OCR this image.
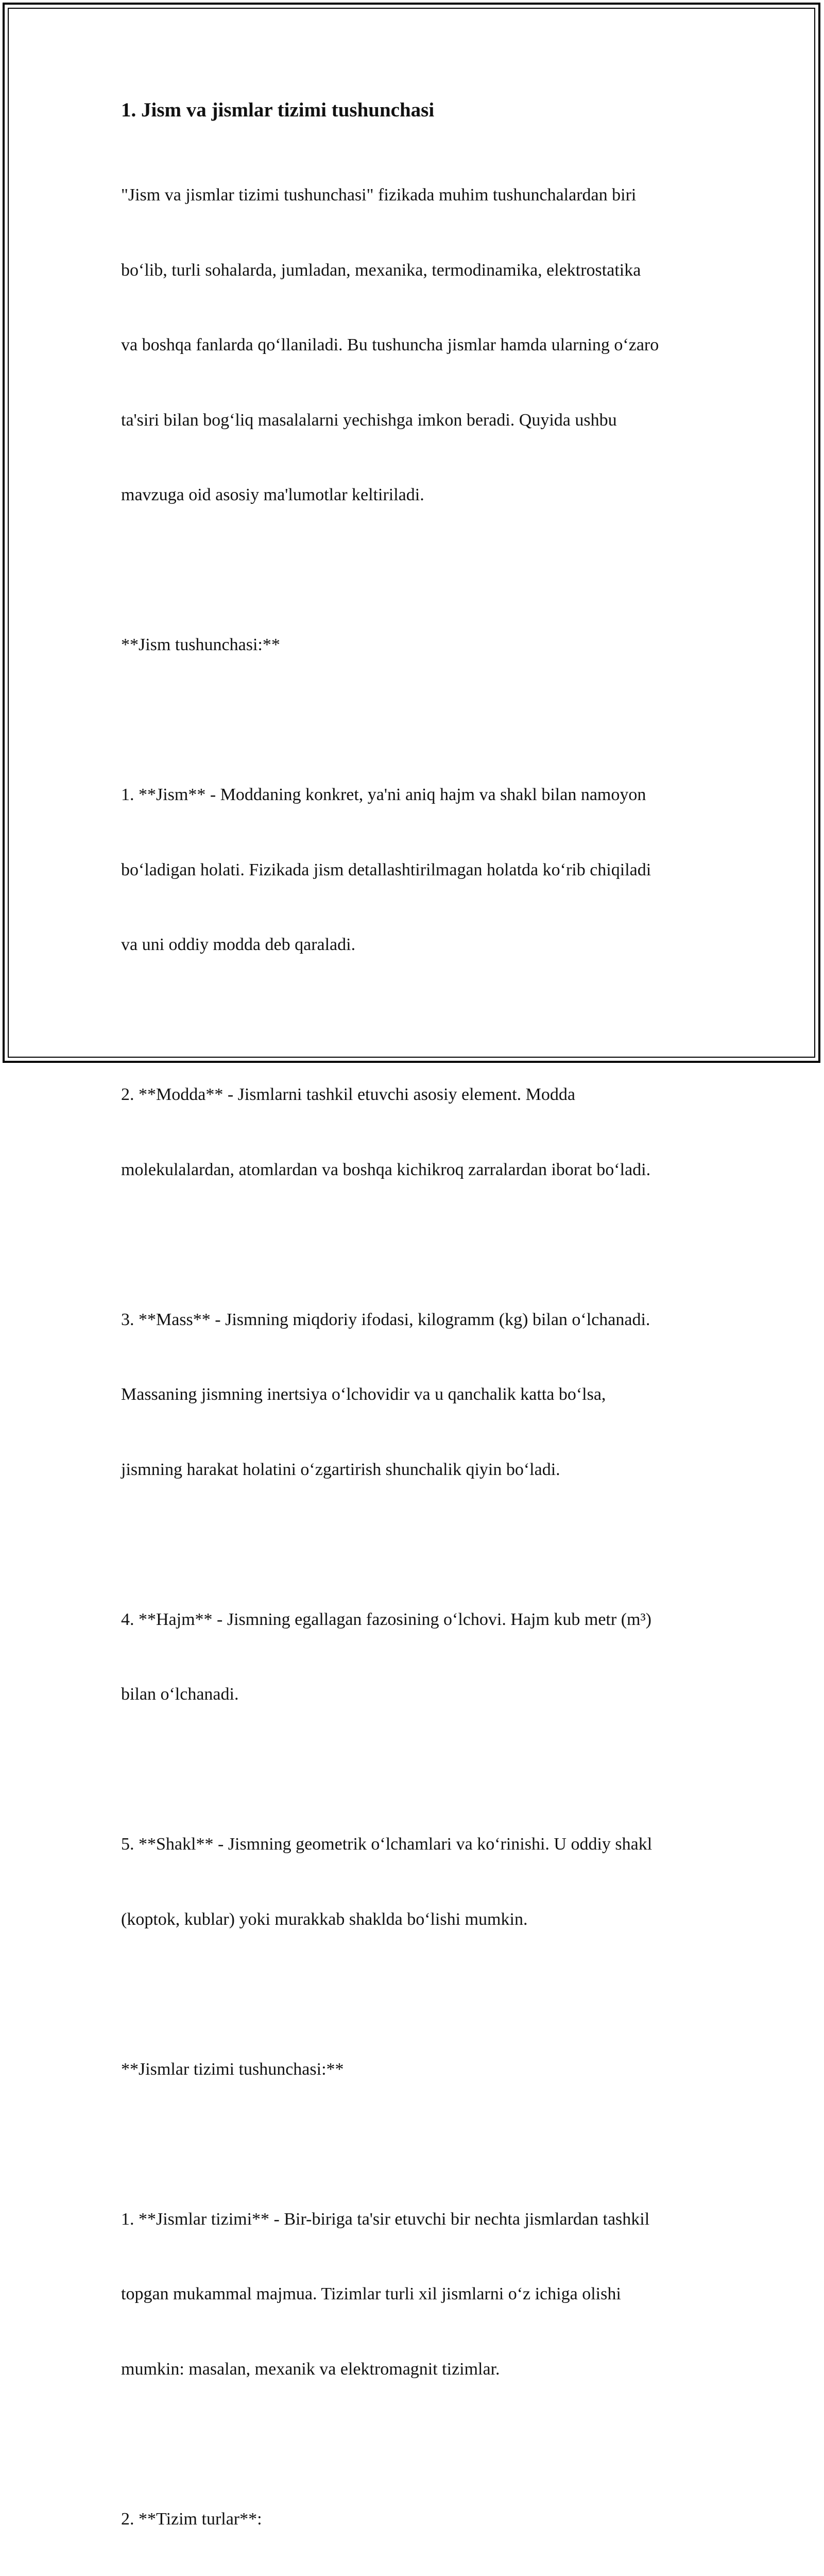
1. Jism va jismlar tizimi tushunchasi

"Jism va jismlar tizimi tushunchasi" fizikada muhim tushunchalardan biri

bo‘lib, turli sohalarda, jumladan, mexanika, termodinamika, elektrostatika

va boshqa fanlarda qo‘llaniladi. Bu tushuncha jismlar hamda ularning o‘zaro

ta'siri bilan bog‘liq masalalarni yechishga imkon beradi. Quyida ushbu

mavzuga oid asosiy ma'lumotlar keltiriladi.

**Jism tushunchasi:**

1. **Jism** - Moddaning konkret, ya'ni aniq hajm va shakl bilan namoyon

bo‘ladigan holati. Fizikada jism detallashtirilmagan holatda ko‘rib chiqiladi

va uni oddiy modda deb qaraladi.

2. **Modda** - Jismlarni tashkil etuvchi asosiy element. Modda

molekulalardan, atomlardan va boshqa kichikroq zarralardan iborat bo‘ladi.

3. **Mass** - Jismning miqdoriy ifodasi, kilogramm (kg) bilan o‘lchanadi.

Massaning jismning inertsiya o‘lchovidir va u qanchalik katta bo‘lsa,

jismning harakat holatini o‘zgartirish shunchalik qiyin bo‘ladi.

4. **Hajm** - Jismning egallagan fazosining o‘lchovi. Hajm kub metr (m³)

bilan o‘lchanadi.

5. **Shakl** - Jismning geometrik o‘lchamlari va ko‘rinishi. U oddiy shakl

(koptok, kublar) yoki murakkab shaklda bo‘lishi mumkin.

**Jismlar tizimi tushunchasi:**

1. **Jismlar tizimi** - Bir-biriga ta'sir etuvchi bir nechta jismlardan tashkil

topgan mukammal majmua. Tizimlar turli xil jismlarni o‘z ichiga olishi

mumkin: masalan, mexanik va elektromagnit tizimlar.

2. **Tizim turlar**:
